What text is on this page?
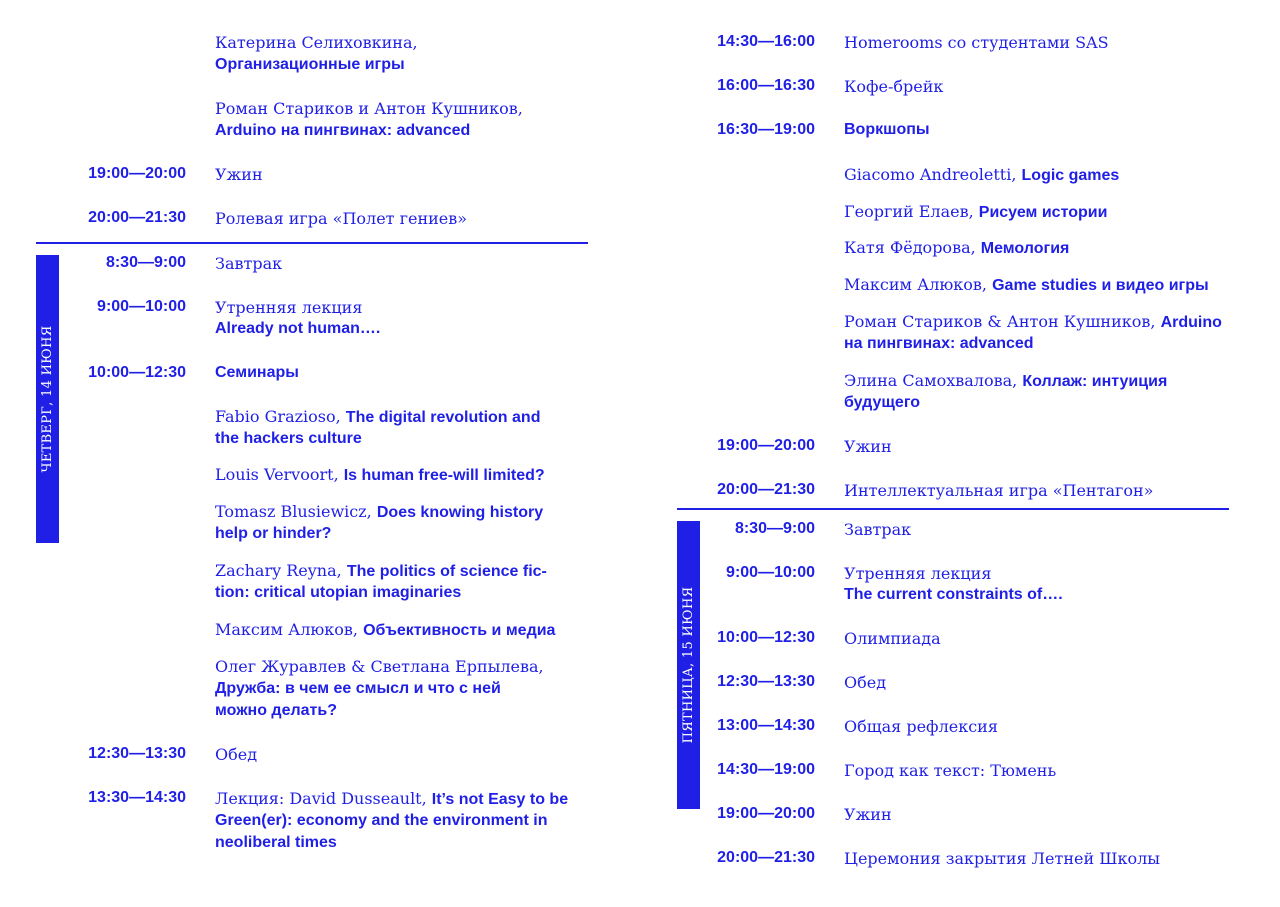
Катерина Селиховкина,
Организационные игры
Роман Стариков и Антон Кушников,
Arduino на пингвинах: advanced
19:00—20:00 Ужин
20:00—21:30 Ролевая игра «Полет гениев»
ЧЕТВЕРГ, 14 ИЮНЯ
8:30—9:00 Завтрак
9:00—10:00 Утренняя лекция
Already not human….
10:00—12:30 Семинары
Fabio Grazioso, The digital revolution and
the hackers culture
Louis Vervoort, Is human free-will limited?
Tomasz Blusiewicz, Does knowing history
help or hinder?
Zachary Reyna, The politics of science fic-
tion: critical utopian imaginaries
Максим Алюков, Объективность и медиа
Олег Журавлев & Светлана Ерпылева,
Дружба: в чем ее смысл и что с ней
можно делать?
12:30—13:30 Обед
13:30—14:30 Лекция: David Dusseault, It’s not Easy to be
Green(er): economy and the environment in
neoliberal times
14:30—16:00 Homerooms со студентами SAS
16:00—16:30 Кофе-брейк
16:30—19:00 Воркшопы
Giacomo Andreoletti, Logic games
Георгий Елаев, Рисуем истории
Катя Фёдорова, Мемология
Максим Алюков, Game studies и видео игры
Роман Стариков & Антон Кушников, Arduino
на пингвинах: advanced
Элина Самохвалова, Коллаж: интуиция
будущего
19:00—20:00 Ужин
20:00—21:30 Интеллектуальная игра «Пентагон»
ПЯТНИЦА, 15 ИЮНЯ
8:30—9:00 Завтрак
9:00—10:00 Утренняя лекция
The current constraints of….
10:00—12:30 Олимпиада
12:30—13:30 Обед
13:00—14:30 Общая рефлексия
14:30—19:00 Город как текст: Тюмень
19:00—20:00 Ужин
20:00—21:30 Церемония закрытия Летней Школы
